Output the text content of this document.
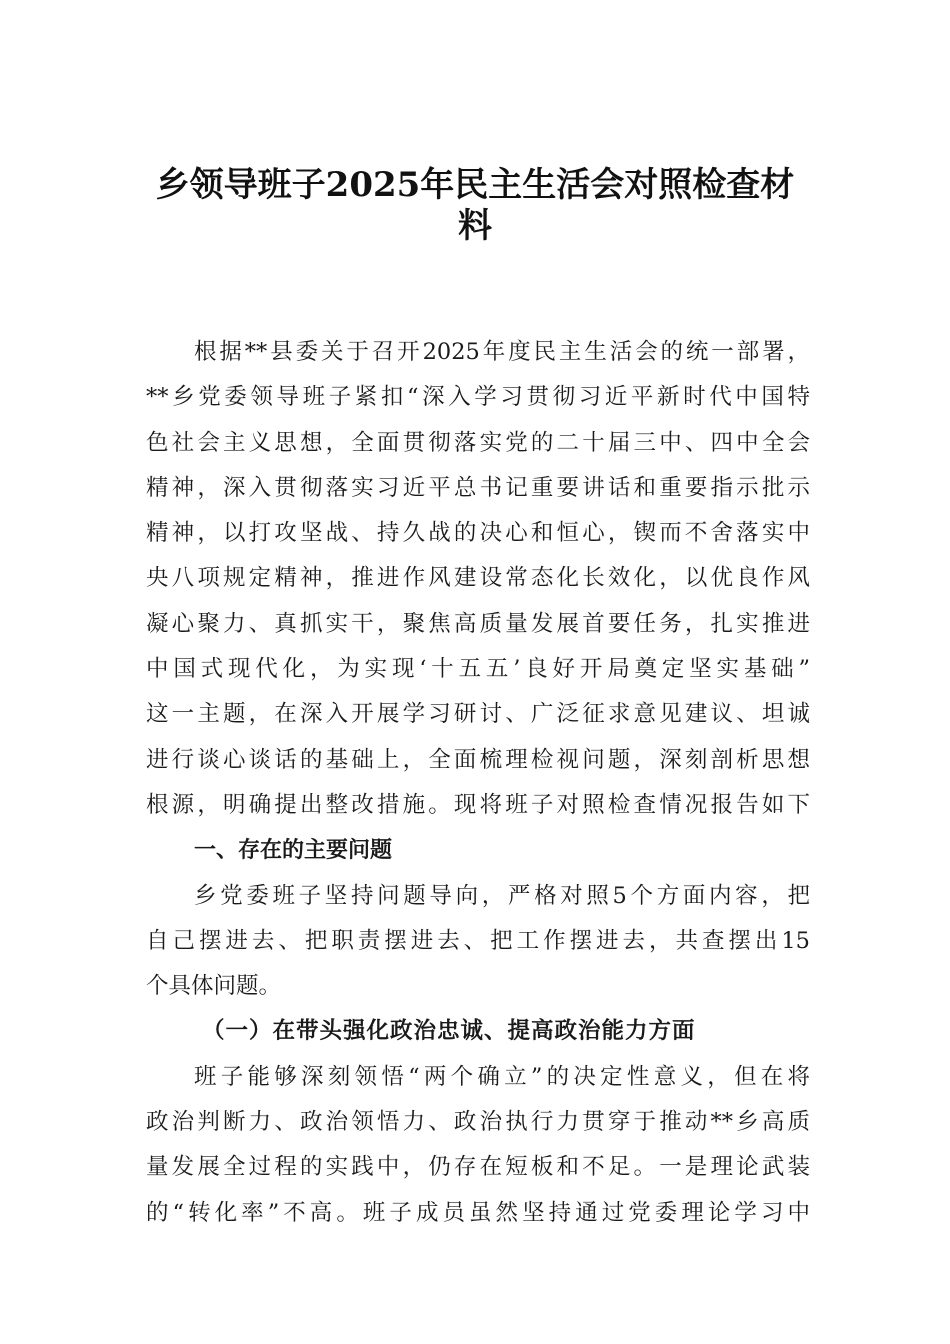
乡领导班子2025年民主生活会对照检查材
料
根据**县委关于召开2025年度民主生活会的统一部署，
**乡党委领导班子紧扣“深入学习贯彻习近平新时代中国特
色社会主义思想，全面贯彻落实党的二十届三中、四中全会
精神，深入贯彻落实习近平总书记重要讲话和重要指示批示
精神，以打攻坚战、持久战的决心和恒心，锲而不舍落实中
央八项规定精神，推进作风建设常态化长效化，以优良作风
凝心聚力、真抓实干，聚焦高质量发展首要任务，扎实推进
中国式现代化，为实现‘十五五’良好开局奠定坚实基础”
这一主题，在深入开展学习研讨、广泛征求意见建议、坦诚
进行谈心谈话的基础上，全面梳理检视问题，深刻剖析思想
根源，明确提出整改措施。现将班子对照检查情况报告如下
一、存在的主要问题
乡党委班子坚持问题导向，严格对照5个方面内容，把
自己摆进去、把职责摆进去、把工作摆进去，共查摆出15
个具体问题。
（一）在带头强化政治忠诚、提高政治能力方面
班子能够深刻领悟“两个确立”的决定性意义，但在将
政治判断力、政治领悟力、政治执行力贯穿于推动**乡高质
量发展全过程的实践中，仍存在短板和不足。一是理论武装
的“转化率”不高。班子成员虽然坚持通过党委理论学习中
